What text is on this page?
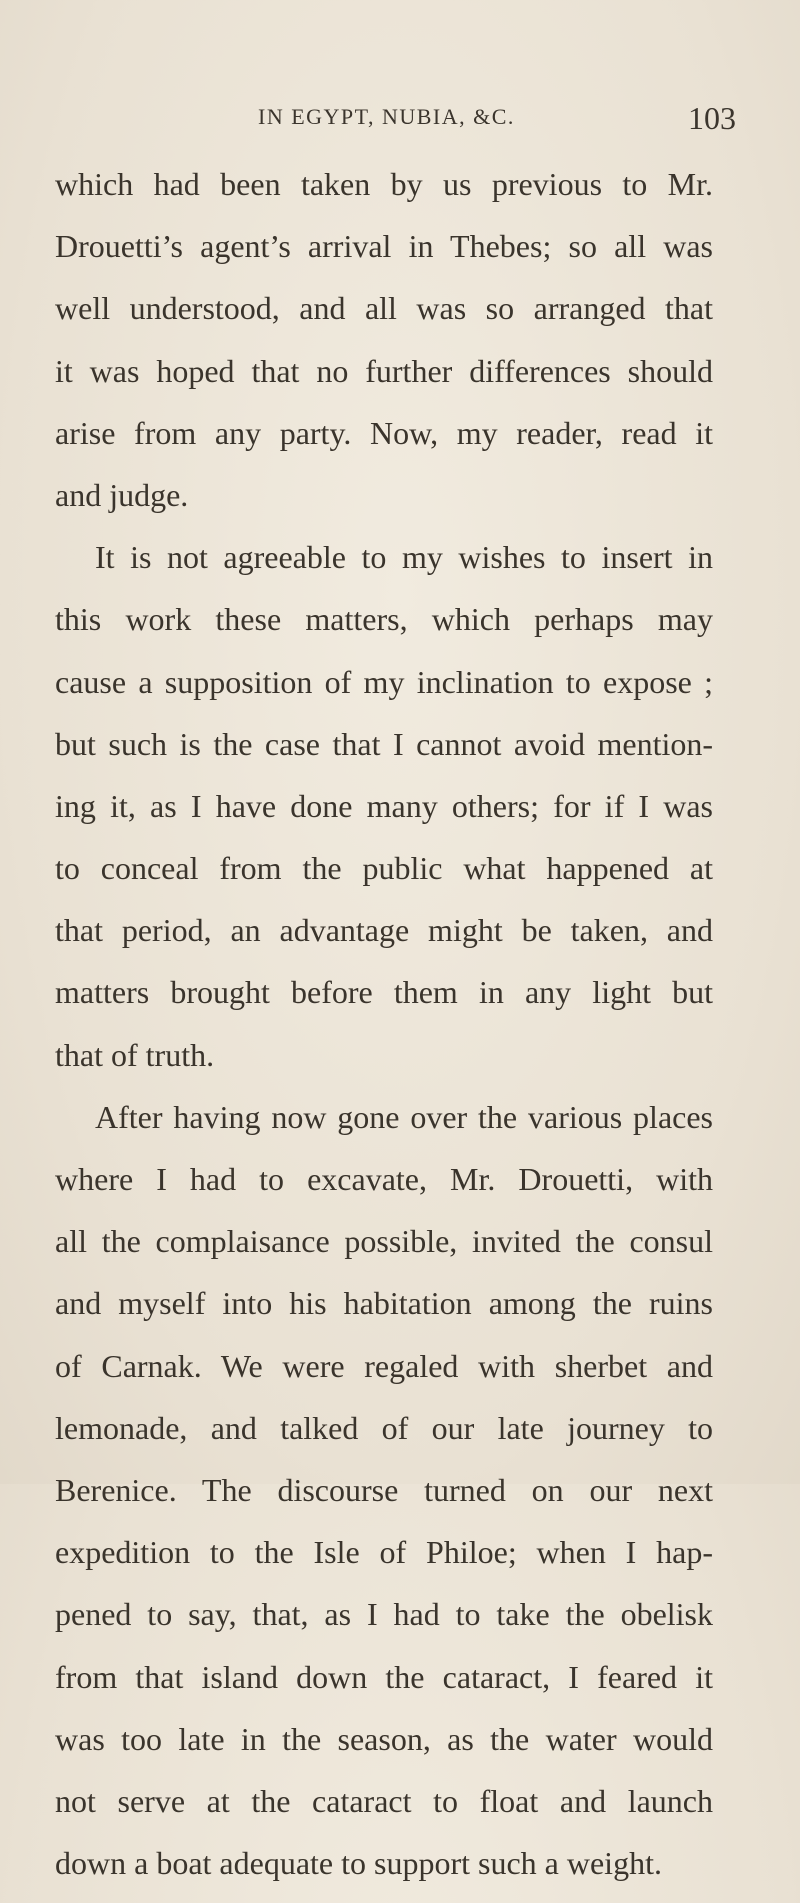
IN EGYPT, NUBIA, &C.	103
which had been taken by us previous to Mr.
Drouetti’s agent’s arrival in Thebes; so all was
well understood, and all was so arranged that
it was hoped that no further differences should
arise from any party. Now, my reader, read it
and judge.
It is not agreeable to my wishes to insert in
this work these matters, which perhaps may
cause a supposition of my inclination to expose ;
but such is the case that I cannot avoid mention-
ing it, as I have done many others; for if I was
to conceal from the public what happened at
that period, an advantage might be taken, and
matters brought before them in any light but
that of truth.
After having now gone over the various places
where I had to excavate, Mr. Drouetti, with
all the complaisance possible, invited the consul
and myself into his habitation among the ruins
of Carnak. We were regaled with sherbet and
lemonade, and talked of our late journey to
Berenice. The discourse turned on our next
expedition to the Isle of Philoe; when I hap-
pened to say, that, as I had to take the obelisk
from that island down the cataract, I feared it
was too late in the season, as the water would
not serve at the cataract to float and launch
down a boat adequate to support such a weight.
